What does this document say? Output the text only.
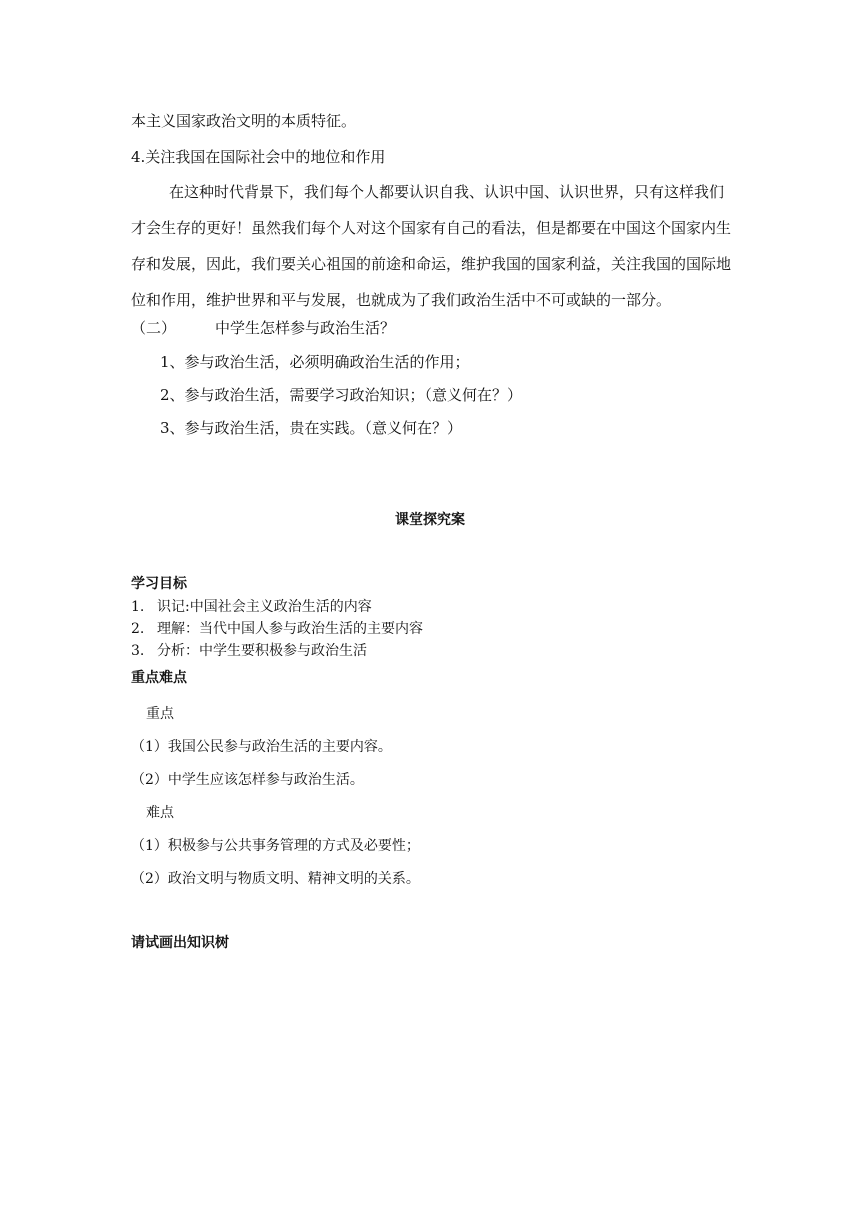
本主义国家政治文明的本质特征。
4.关注我国在国际社会中的地位和作用
在这种时代背景下，我们每个人都要认识自我、认识中国、认识世界，只有这样我们
才会生存的更好！虽然我们每个人对这个国家有自己的看法，但是都要在中国这个国家内生
存和发展，因此，我们要关心祖国的前途和命运，维护我国的国家利益，关注我国的国际地
位和作用，维护世界和平与发展，也就成为了我们政治生活中不可或缺的一部分。
（二）	中学生怎样参与政治生活？
1、参与政治生活，必须明确政治生活的作用；
2、参与政治生活，需要学习政治知识；（意义何在？）
3、参与政治生活，贵在实践。（意义何在？）
课堂探究案
学习目标
1. 识记:中国社会主义政治生活的内容
2. 理解：当代中国人参与政治生活的主要内容
3. 分析：中学生要积极参与政治生活
重点难点
重点
（1）我国公民参与政治生活的主要内容。
（2）中学生应该怎样参与政治生活。
难点
（1）积极参与公共事务管理的方式及必要性；
（2）政治文明与物质文明、精神文明的关系。
请试画出知识树
